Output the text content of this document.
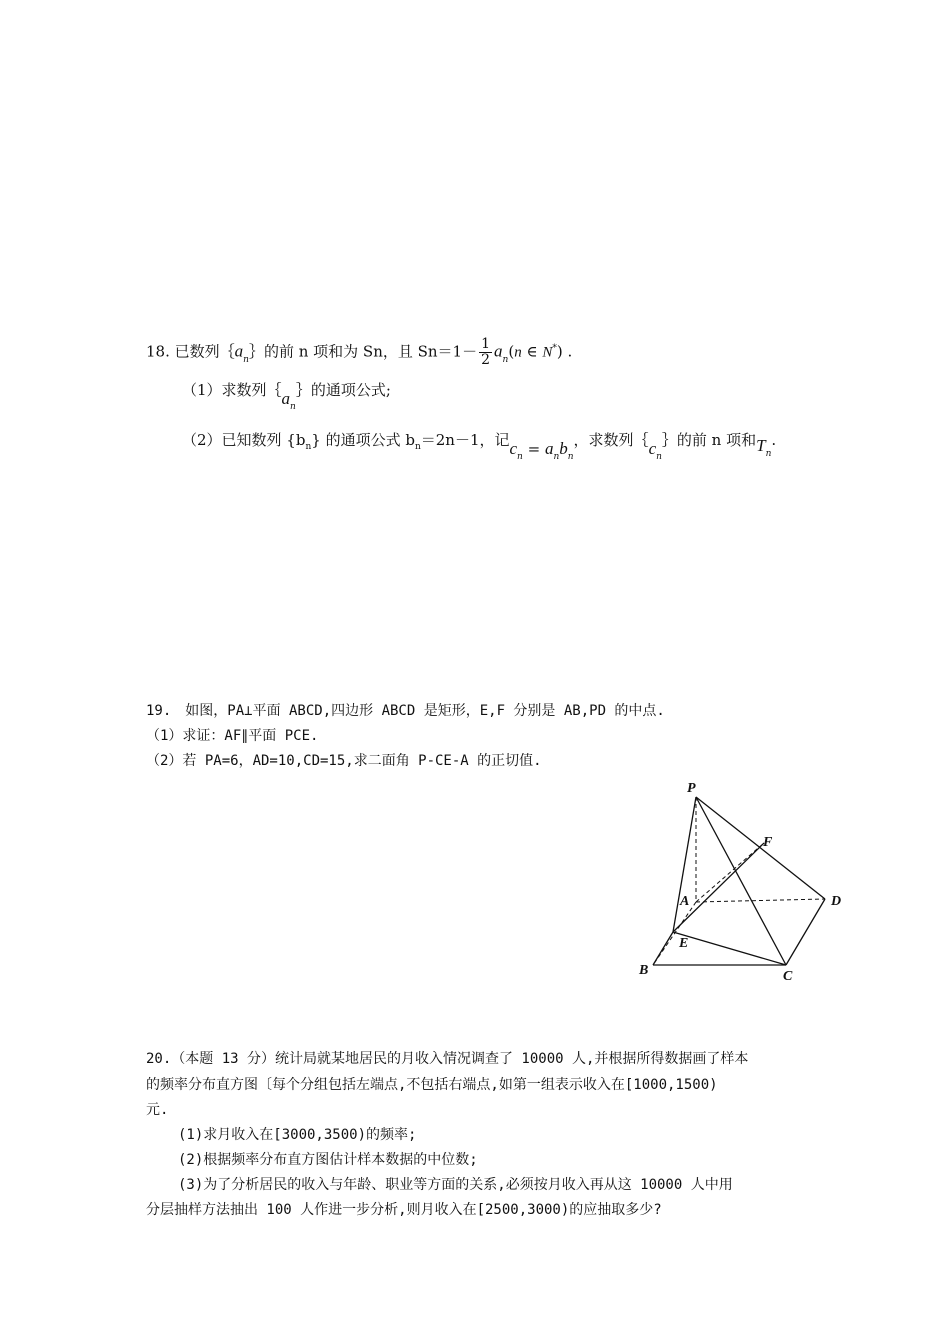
18. 已数列$\{a_n\}$的前 n 项和为 Sn，且 $Sn=1- \frac{1}{2} a_n(n$ ∈ N*) .
（1）求数列$\{a_n\}$的通项公式;
（2）已知数列 $\{b_n\}$ 的通项公式 $b_n=2n-1$，记$c_n = a_nb_n$，求数列$\{c_n\}$的前 n 项和$T_n$.
19.　如图，PA⊥平面 ABCD,四边形 ABCD 是矩形，E,F 分别是 AB,PD 的中点.
（1）求证：AF∥平面 PCE.
（2）若 PA=6，AD=10,CD=15,求二面角 P-CE-A 的正切值.
P
F
A	D
E
B	C
20.（本题 13 分）统计局就某地居民的月收入情况调查了 10000 人,并根据所得数据画了样本
的频率分布直方图〔每个分组包括左端点,不包括右端点,如第一组表示收入在[1000,1500)
元.
(1)求月收入在[3000,3500)的频率;
(2)根据频率分布直方图估计样本数据的中位数;
(3)为了分析居民的收入与年龄、职业等方面的关系,必须按月收入再从这 10000 人中用
分层抽样方法抽出 100 人作进一步分析,则月收入在[2500,3000)的应抽取多少?
